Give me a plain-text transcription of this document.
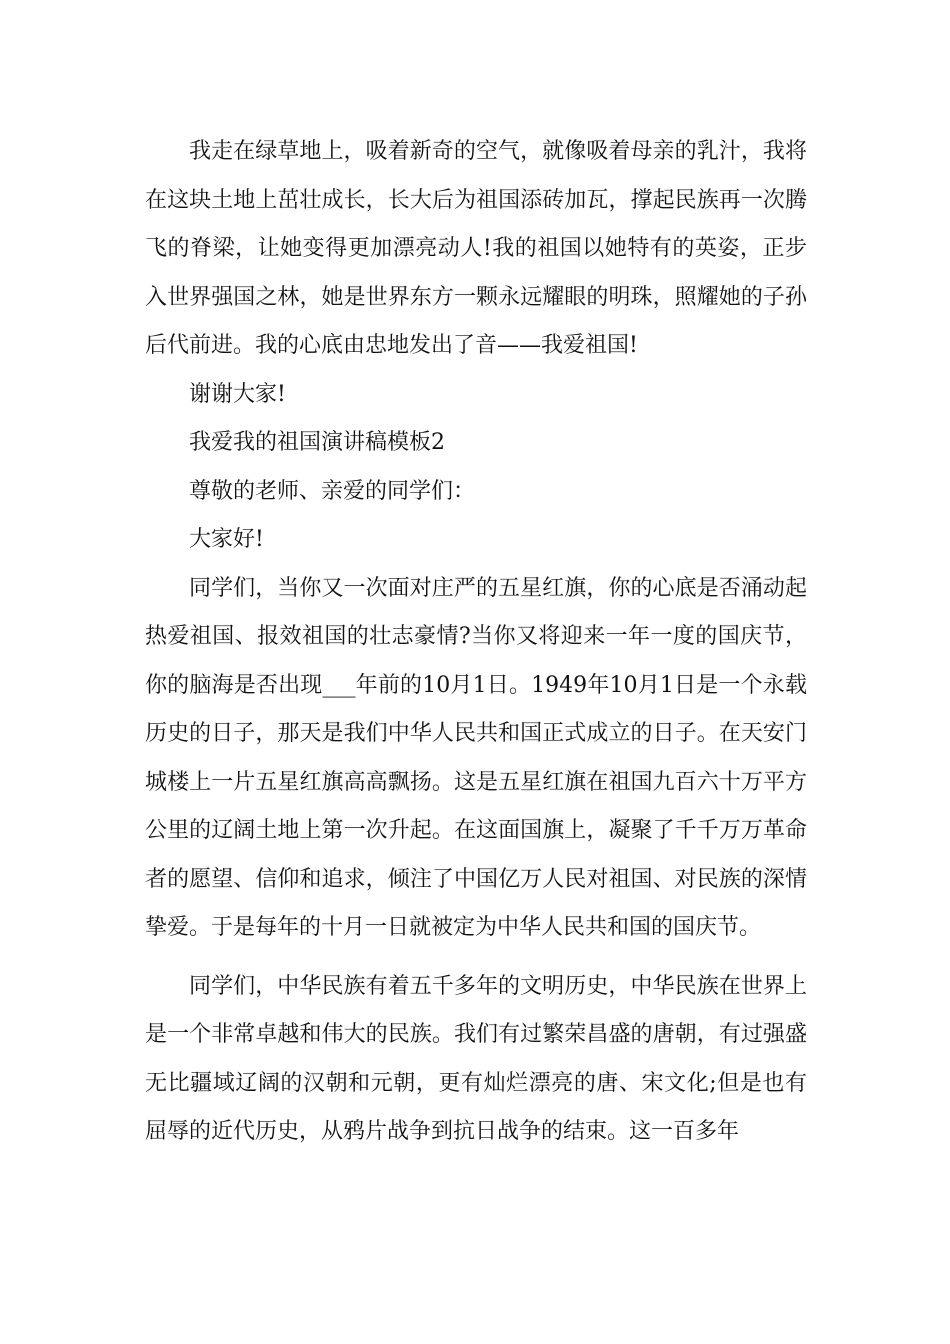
我走在绿草地上，吸着新奇的空气，就像吸着母亲的乳汁，我将在这块土地上茁壮成长，长大后为祖国添砖加瓦，撑起民族再一次腾飞的脊梁，让她变得更加漂亮动人!我的祖国以她特有的英姿，正步入世界强国之林，她是世界东方一颗永远耀眼的明珠，照耀她的子孙后代前进。我的心底由忠地发出了音——我爱祖国!

谢谢大家!

我爱我的祖国演讲稿模板2

尊敬的老师、亲爱的同学们：

大家好!

同学们，当你又一次面对庄严的五星红旗，你的心底是否涌动起热爱祖国、报效祖国的壮志豪情?当你又将迎来一年一度的国庆节，你的脑海是否出现___年前的10月1日。1949年10月1日是一个永载历史的日子，那天是我们中华人民共和国正式成立的日子。在天安门城楼上一片五星红旗高高飘扬。这是五星红旗在祖国九百六十万平方公里的辽阔土地上第一次升起。在这面国旗上，凝聚了千千万万革命者的愿望、信仰和追求，倾注了中国亿万人民对祖国、对民族的深情挚爱。于是每年的十月一日就被定为中华人民共和国的国庆节。

同学们，中华民族有着五千多年的文明历史，中华民族在世界上是一个非常卓越和伟大的民族。我们有过繁荣昌盛的唐朝，有过强盛无比疆域辽阔的汉朝和元朝，更有灿烂漂亮的唐、宋文化;但是也有屈辱的近代历史，从鸦片战争到抗日战争的结束。这一百多年
